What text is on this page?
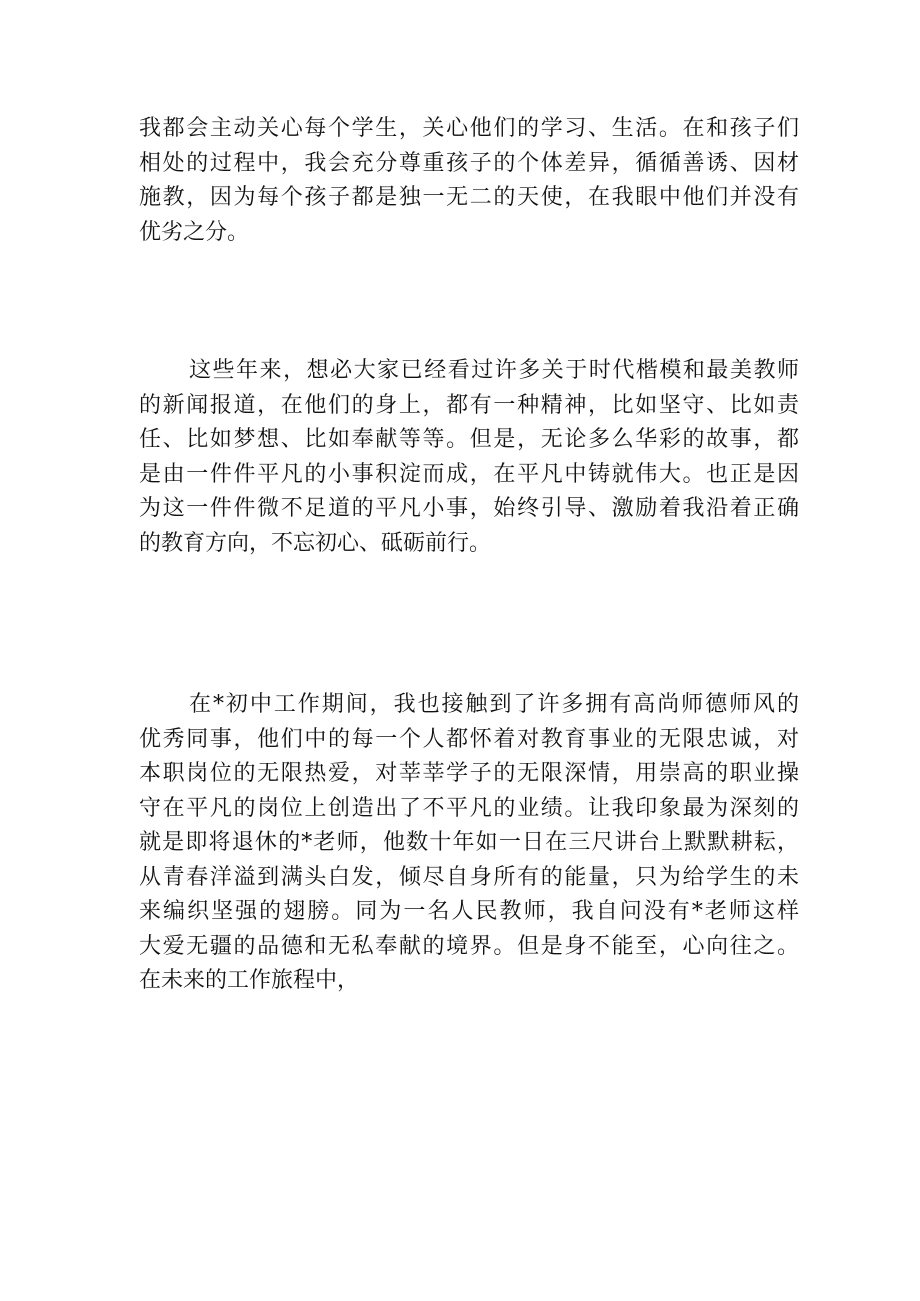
我都会主动关心每个学生，关心他们的学习、生活。在和孩子们
相处的过程中，我会充分尊重孩子的个体差异，循循善诱、因材
施教，因为每个孩子都是独一无二的天使，在我眼中他们并没有
优劣之分。
这些年来，想必大家已经看过许多关于时代楷模和最美教师
的新闻报道，在他们的身上，都有一种精神，比如坚守、比如责
任、比如梦想、比如奉献等等。但是，无论多么华彩的故事，都
是由一件件平凡的小事积淀而成，在平凡中铸就伟大。也正是因
为这一件件微不足道的平凡小事，始终引导、激励着我沿着正确
的教育方向，不忘初心、砥砺前行。
在*初中工作期间，我也接触到了许多拥有高尚师德师风的
优秀同事，他们中的每一个人都怀着对教育事业的无限忠诚，对
本职岗位的无限热爱，对莘莘学子的无限深情，用崇高的职业操
守在平凡的岗位上创造出了不平凡的业绩。让我印象最为深刻的
就是即将退休的*老师，他数十年如一日在三尺讲台上默默耕耘，
从青春洋溢到满头白发，倾尽自身所有的能量，只为给学生的未
来编织坚强的翅膀。同为一名人民教师，我自问没有*老师这样
大爱无疆的品德和无私奉献的境界。但是身不能至，心向往之。
在未来的工作旅程中，
